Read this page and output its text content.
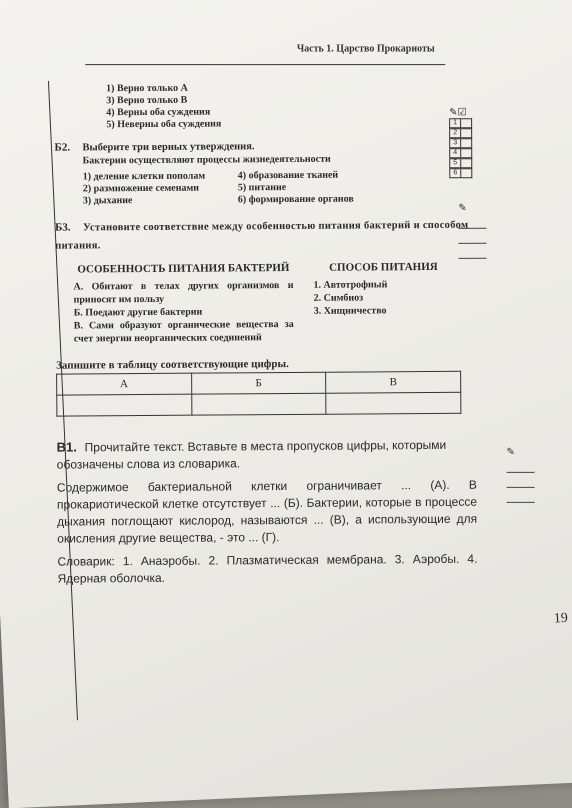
Часть 1. Царство Прокариоты
1) Верно только А
3) Верно только В
4) Верны оба суждения
5) Неверны оба суждения
Б2. Выберите три верных утверждения.
Бактерии осуществляют процессы жизнедеятельности
1) деление клетки пополам	4) образование тканей
2) размножение семенами	5) питание
3) дыхание	6) формирование органов
Б3. Установите соответствие между особенностью питания бактерий и способом питания.
ОСОБЕННОСТЬ ПИТАНИЯ БАКТЕРИЙ
А. Обитают в телах других организмов и приносят им пользу
Б. Поедают другие бактерии
В. Сами образуют органические вещества за счет энергии неорганических соединений
СПОСОБ ПИТАНИЯ
1. Автотрофный
2. Симбиоз
3. Хищничество
Запишите в таблицу соответствующие цифры.
А	Б	В

В1. Прочитайте текст. Вставьте в места пропусков цифры, которыми обозначены слова из словарика.

Содержимое бактериальной клетки ограничивает ... (А). В прокариотической клетке отсутствует ... (Б). Бактерии, которые в процессе дыхания поглощают кислород, называются ... (В), а использующие для окисления другие вещества, - это ... (Г).

Словарик: 1. Анаэробы. 2. Плазматическая мембрана. 3. Аэробы. 4. Ядерная оболочка.

✎☑
1
2
3
4
5
6
✎
✎
19
